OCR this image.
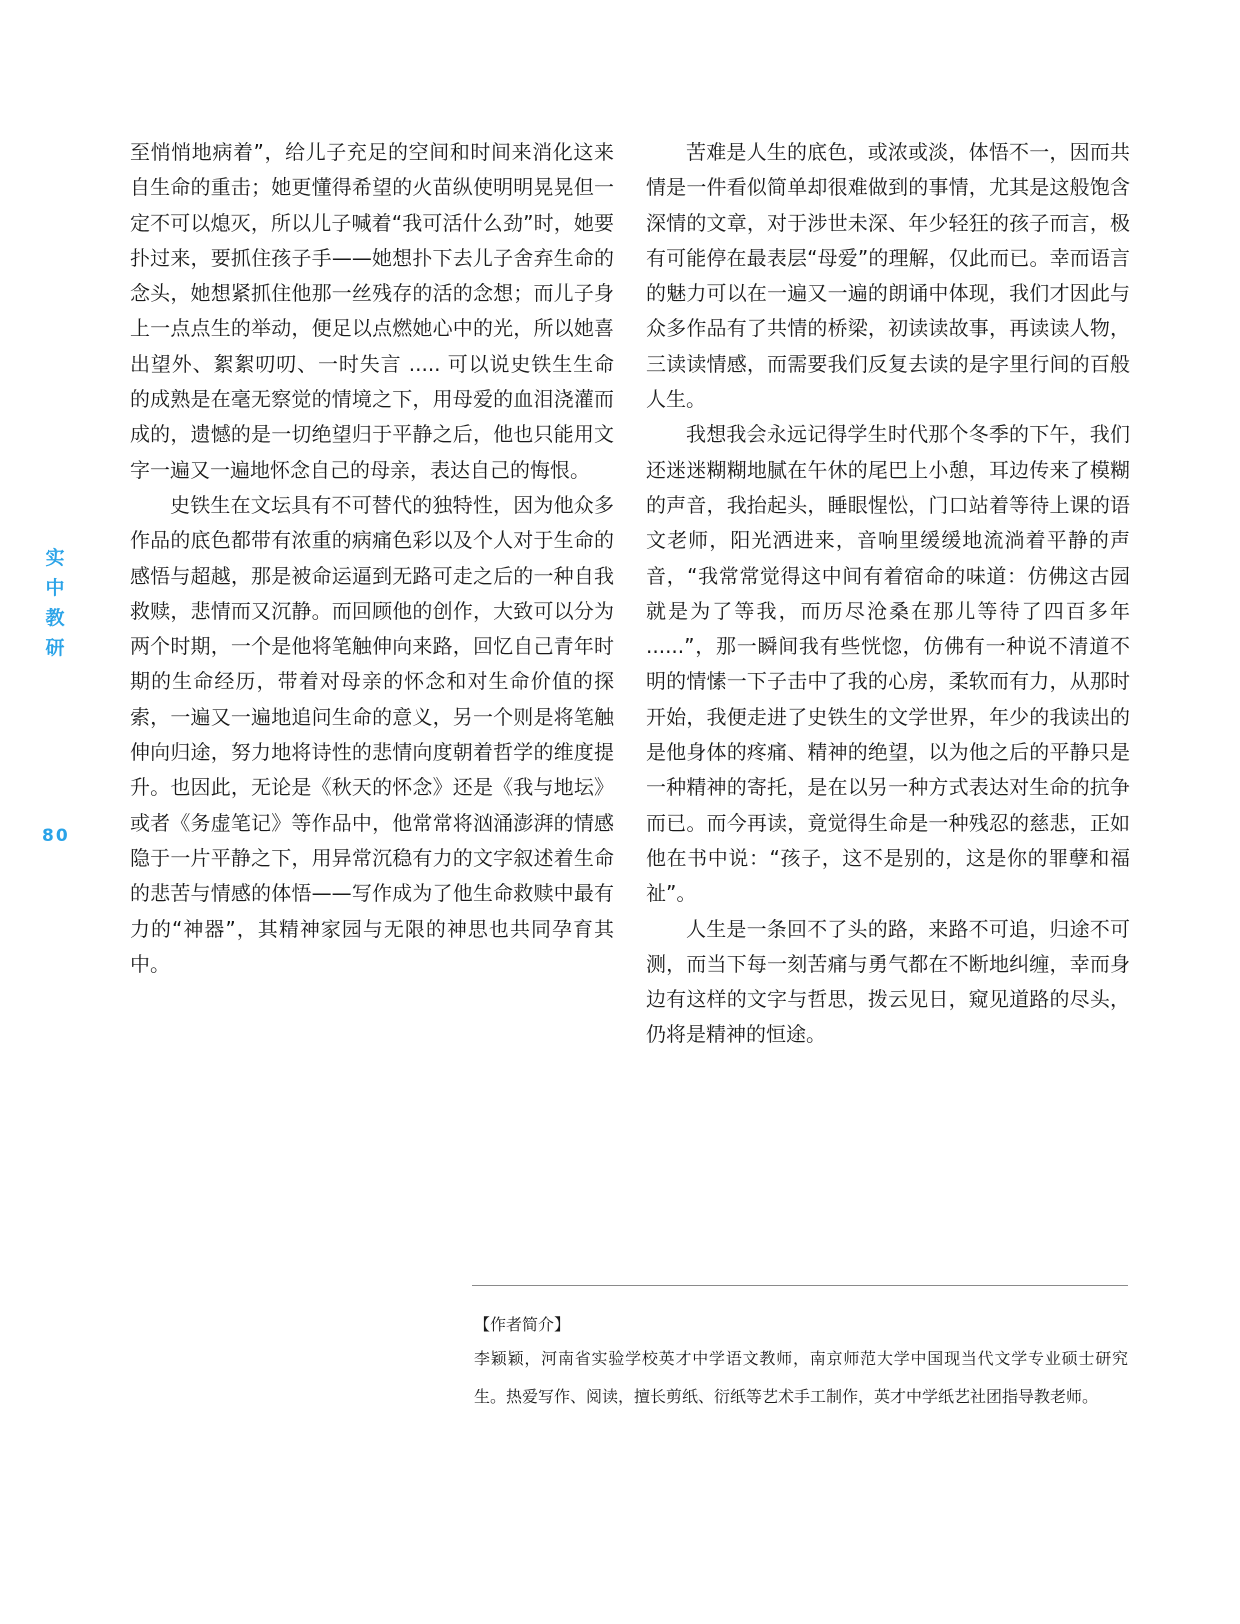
实中教研
80

至悄悄地病着”，给儿子充足的空间和时间来消化这来自生命的重击；她更懂得希望的火苗纵使明明晃晃但一定不可以熄灭，所以儿子喊着“我可活什么劲”时，她要扑过来，要抓住孩子手——她想扑下去儿子舍弃生命的念头，她想紧抓住他那一丝残存的活的念想；而儿子身上一点点生的举动，便足以点燃她心中的光，所以她喜出望外、絮絮叨叨、一时失言 ..... 可以说史铁生生命的成熟是在毫无察觉的情境之下，用母爱的血泪浇灌而成的，遗憾的是一切绝望归于平静之后，他也只能用文字一遍又一遍地怀念自己的母亲，表达自己的悔恨。

史铁生在文坛具有不可替代的独特性，因为他众多作品的底色都带有浓重的病痛色彩以及个人对于生命的感悟与超越，那是被命运逼到无路可走之后的一种自我救赎，悲情而又沉静。而回顾他的创作，大致可以分为两个时期，一个是他将笔触伸向来路，回忆自己青年时期的生命经历，带着对母亲的怀念和对生命价值的探索，一遍又一遍地追问生命的意义，另一个则是将笔触伸向归途，努力地将诗性的悲情向度朝着哲学的维度提升。也因此，无论是《秋天的怀念》还是《我与地坛》或者《务虚笔记》等作品中，他常常将汹涌澎湃的情感隐于一片平静之下，用异常沉稳有力的文字叙述着生命的悲苦与情感的体悟——写作成为了他生命救赎中最有力的“神器”，其精神家园与无限的神思也共同孕育其中。

苦难是人生的底色，或浓或淡，体悟不一，因而共情是一件看似简单却很难做到的事情，尤其是这般饱含深情的文章，对于涉世未深、年少轻狂的孩子而言，极有可能停在最表层“母爱”的理解，仅此而已。幸而语言的魅力可以在一遍又一遍的朗诵中体现，我们才因此与众多作品有了共情的桥梁，初读读故事，再读读人物，三读读情感，而需要我们反复去读的是字里行间的百般人生。

我想我会永远记得学生时代那个冬季的下午，我们还迷迷糊糊地腻在午休的尾巴上小憩，耳边传来了模糊的声音，我抬起头，睡眼惺忪，门口站着等待上课的语文老师，阳光洒进来，音响里缓缓地流淌着平静的声音，“我常常觉得这中间有着宿命的味道：仿佛这古园就是为了等我，而历尽沧桑在那儿等待了四百多年 ......”，那一瞬间我有些恍惚，仿佛有一种说不清道不明的情愫一下子击中了我的心房，柔软而有力，从那时开始，我便走进了史铁生的文学世界，年少的我读出的是他身体的疼痛、精神的绝望，以为他之后的平静只是一种精神的寄托，是在以另一种方式表达对生命的抗争而已。而今再读，竟觉得生命是一种残忍的慈悲，正如他在书中说：“孩子，这不是别的，这是你的罪孽和福祉”。

人生是一条回不了头的路，来路不可追，归途不可测，而当下每一刻苦痛与勇气都在不断地纠缠，幸而身边有这样的文字与哲思，拨云见日，窥见道路的尽头，仍将是精神的恒途。

【作者简介】

李颖颖，河南省实验学校英才中学语文教师，南京师范大学中国现当代文学专业硕士研究生。热爱写作、阅读，擅长剪纸、衍纸等艺术手工制作，英才中学纸艺社团指导教老师。
